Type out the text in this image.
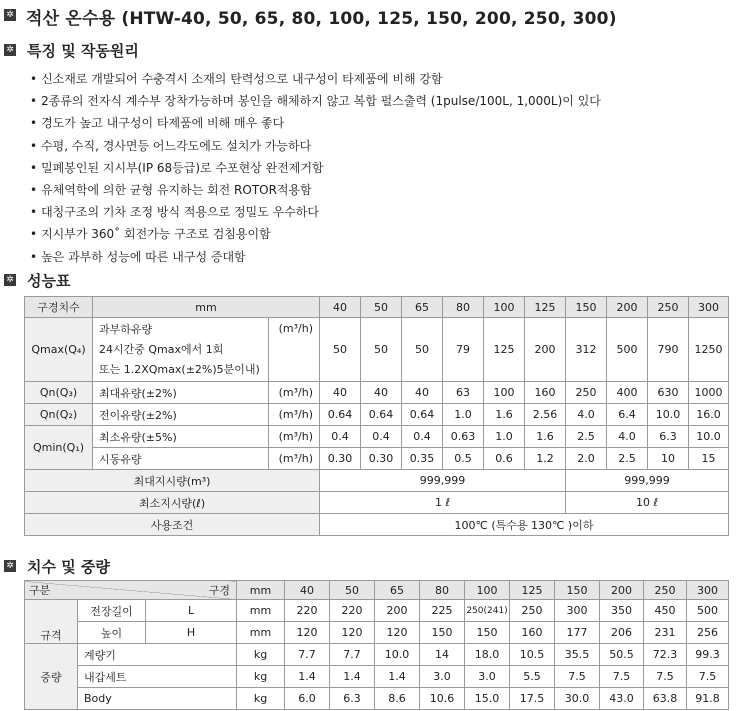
✲ 적산 온수용 (HTW-40, 50, 65, 80, 100, 125, 150, 200, 250, 300)
✲ 특징 및 작동원리
• 신소재로 개발되어 수충격시 소재의 탄력성으로 내구성이 타제품에 비해 강함
• 2종류의 전자식 계수부 장착가능하며 봉인을 해체하지 않고 복합 펄스출력 (1pulse/100L, 1,000L)이 있다
• 경도가 높고 내구성이 타제품에 비해 매우 좋다
• 수평, 수직, 경사면등 어느각도에도 설치가 가능하다
• 밀폐봉인된 지시부(IP 68등급)로 수포현상 완전제거함
• 유체역학에 의한 균형 유지하는 회전 ROTOR적용함
• 대칭구조의 기차 조정 방식 적용으로 정밀도 우수하다
• 지시부가 360˚ 회전가능 구조로 검침용이함
• 높은 과부하 성능에 따른 내구성 증대함
✲ 성능표
구경치수	mm		40	50	65	80	100	125	150	200	250	300
Qmax(Q₄)	과부하유량
24시간중 Qmax에서 1회
또는 1.2XQmax(±2%)5분이내)	(m³/h)	50	50	50	79	125	200	312	500	790	1250
Qn(Q₃)	최대유량(±2%)	(m³/h)	40	40	40	63	100	160	250	400	630	1000
Qn(Q₂)	전이유량(±2%)	(m³/h)	0.64	0.64	0.64	1.0	1.6	2.56	4.0	6.4	10.0	16.0
Qmin(Q₁)	최소유량(±5%)	(m³/h)	0.4	0.4	0.4	0.63	1.0	1.6	2.5	4.0	6.3	10.0
	시동유량	(m³/h)	0.30	0.30	0.35	0.5	0.6	1.2	2.0	2.5	10	15
최대지시량(m³)			999,999						999,999			
최소지시량(ℓ)			1 ℓ						10 ℓ			
사용조건			100℃ (특수용 130℃ )이하									
✲ 치수 및 중량
구분 구경			mm	40	50	65	80	100	125	150	200	250	300
규격	전장길이	L	mm	220	220	200	225	250(241)	250	300	350	450	500
	높이	H	mm	120	120	120	150	150	160	177	206	231	256
중량	계량기		kg	7.7	7.7	10.0	14	18.0	10.5	35.5	50.5	72.3	99.3
	내갑세트		kg	1.4	1.4	1.4	3.0	3.0	5.5	7.5	7.5	7.5	7.5
	Body		kg	6.0	6.3	8.6	10.6	15.0	17.5	30.0	43.0	63.8	91.8
